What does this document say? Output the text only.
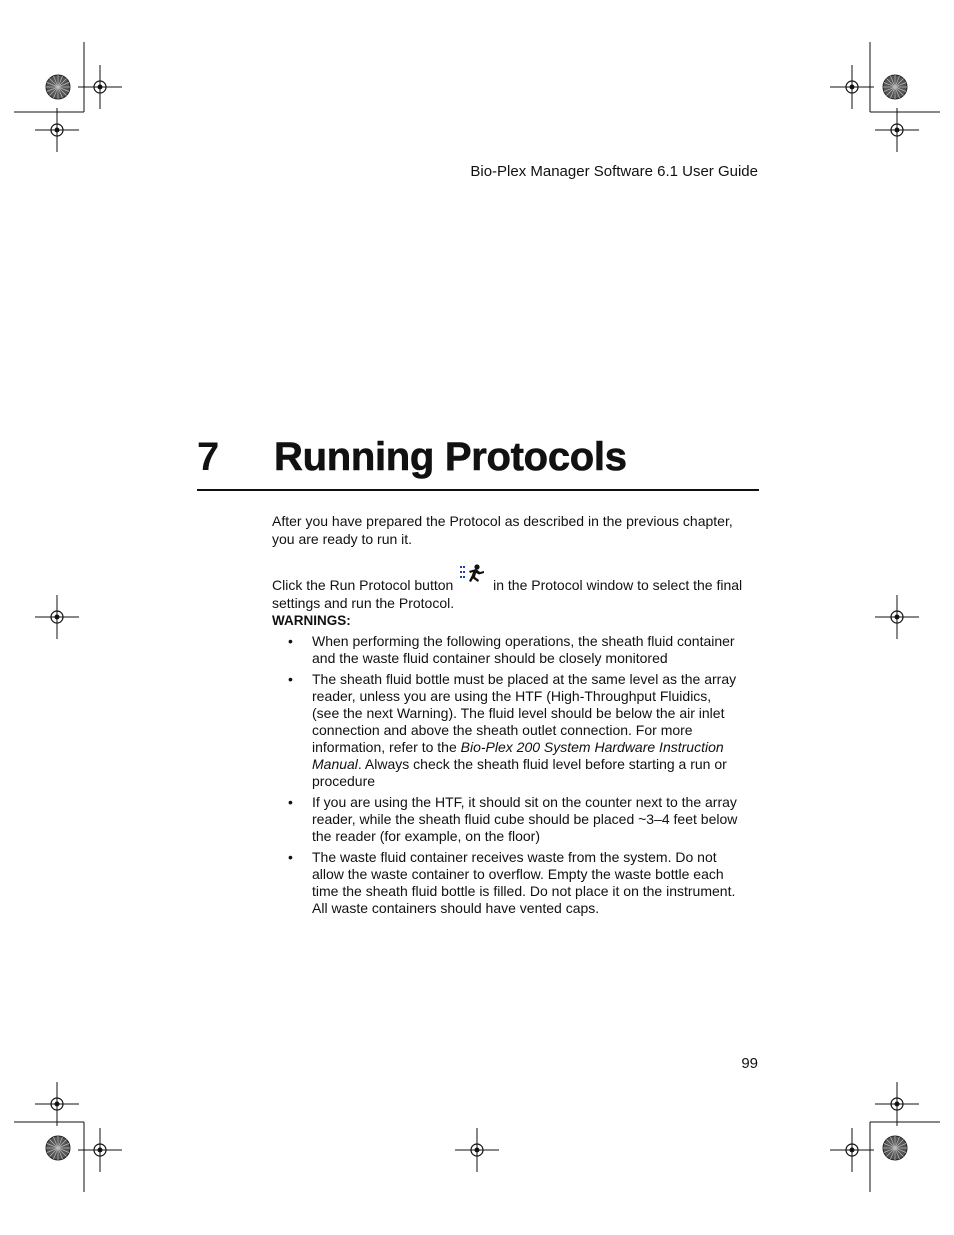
Bio-Plex Manager Software 6.1 User Guide
7 Running Protocols
After you have prepared the Protocol as described in the previous chapter, you are ready to run it.
Click the Run Protocol button	in the Protocol window to select the final settings and run the Protocol.
WARNINGS:
• When performing the following operations, the sheath fluid container and the waste fluid container should be closely monitored
• The sheath fluid bottle must be placed at the same level as the array reader, unless you are using the HTF (High-Throughput Fluidics, (see the next Warning). The fluid level should be below the air inlet connection and above the sheath outlet connection. For more information, refer to the Bio-Plex 200 System Hardware Instruction Manual. Always check the sheath fluid level before starting a run or procedure
• If you are using the HTF, it should sit on the counter next to the array reader, while the sheath fluid cube should be placed ~3–4 feet below the reader (for example, on the floor)
• The waste fluid container receives waste from the system. Do not allow the waste container to overflow. Empty the waste bottle each time the sheath fluid bottle is filled. Do not place it on the instrument. All waste containers should have vented caps.
99
